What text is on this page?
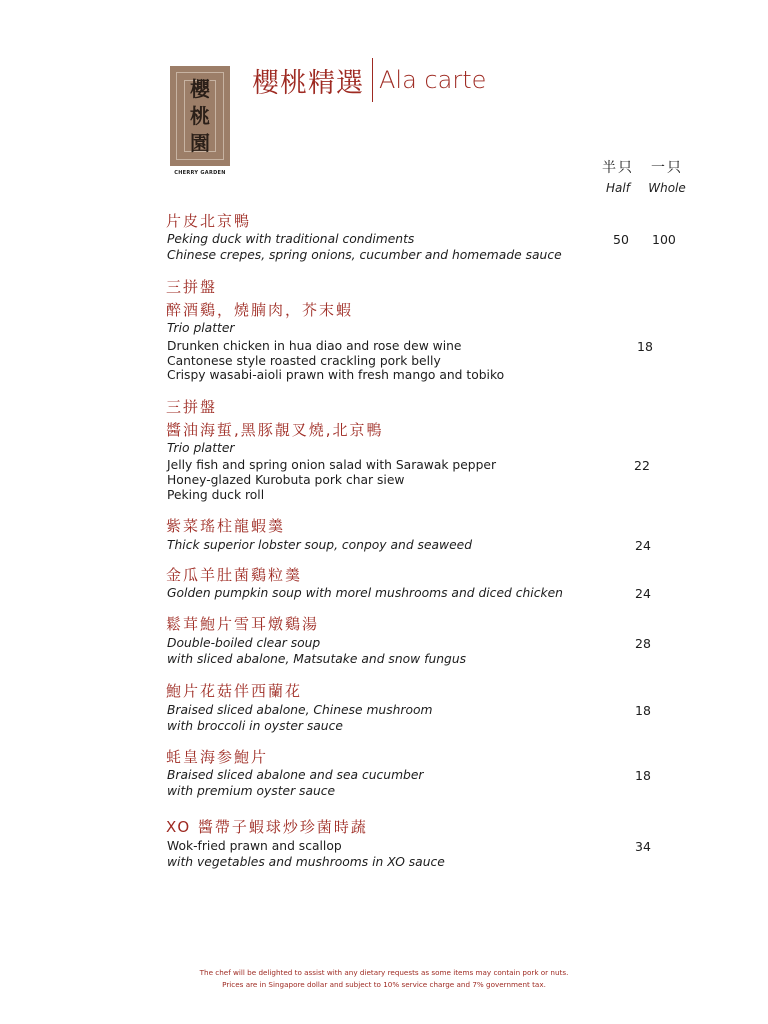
櫻
桃
園
CHERRY GARDEN
櫻桃精選 Ala carte
半只
Half
一只
Whole
片皮北京鴨
Peking duck with traditional condiments
Chinese crepes, spring onions, cucumber and homemade sauce
50 100
三拼盤
醉酒鷄，燒腩肉，芥末蝦
Trio platter
Drunken chicken in hua diao and rose dew wine
Cantonese style roasted crackling pork belly
Crispy wasabi-aioli prawn with fresh mango and tobiko
18
三拼盤
醬油海蜇,黑豚靚叉燒,北京鴨
Trio platter
Jelly fish and spring onion salad with Sarawak pepper
Honey-glazed Kurobuta pork char siew
Peking duck roll
22
紫菜瑤柱龍蝦羹
Thick superior lobster soup, conpoy and seaweed	24
金瓜羊肚菌鷄粒羹
Golden pumpkin soup with morel mushrooms and diced chicken	24
鬆茸鮑片雪耳燉鷄湯
Double-boiled clear soup
with sliced abalone, Matsutake and snow fungus
28
鮑片花菇伴西蘭花
Braised sliced abalone, Chinese mushroom
with broccoli in oyster sauce
18
蚝皇海参鮑片
Braised sliced abalone and sea cucumber
with premium oyster sauce
18
XO 醬帶子蝦球炒珍菌時蔬
Wok-fried prawn and scallop
with vegetables and mushrooms in XO sauce
34
The chef will be delighted to assist with any dietary requests as some items may contain pork or nuts.
Prices are in Singapore dollar and subject to 10% service charge and 7% government tax.
